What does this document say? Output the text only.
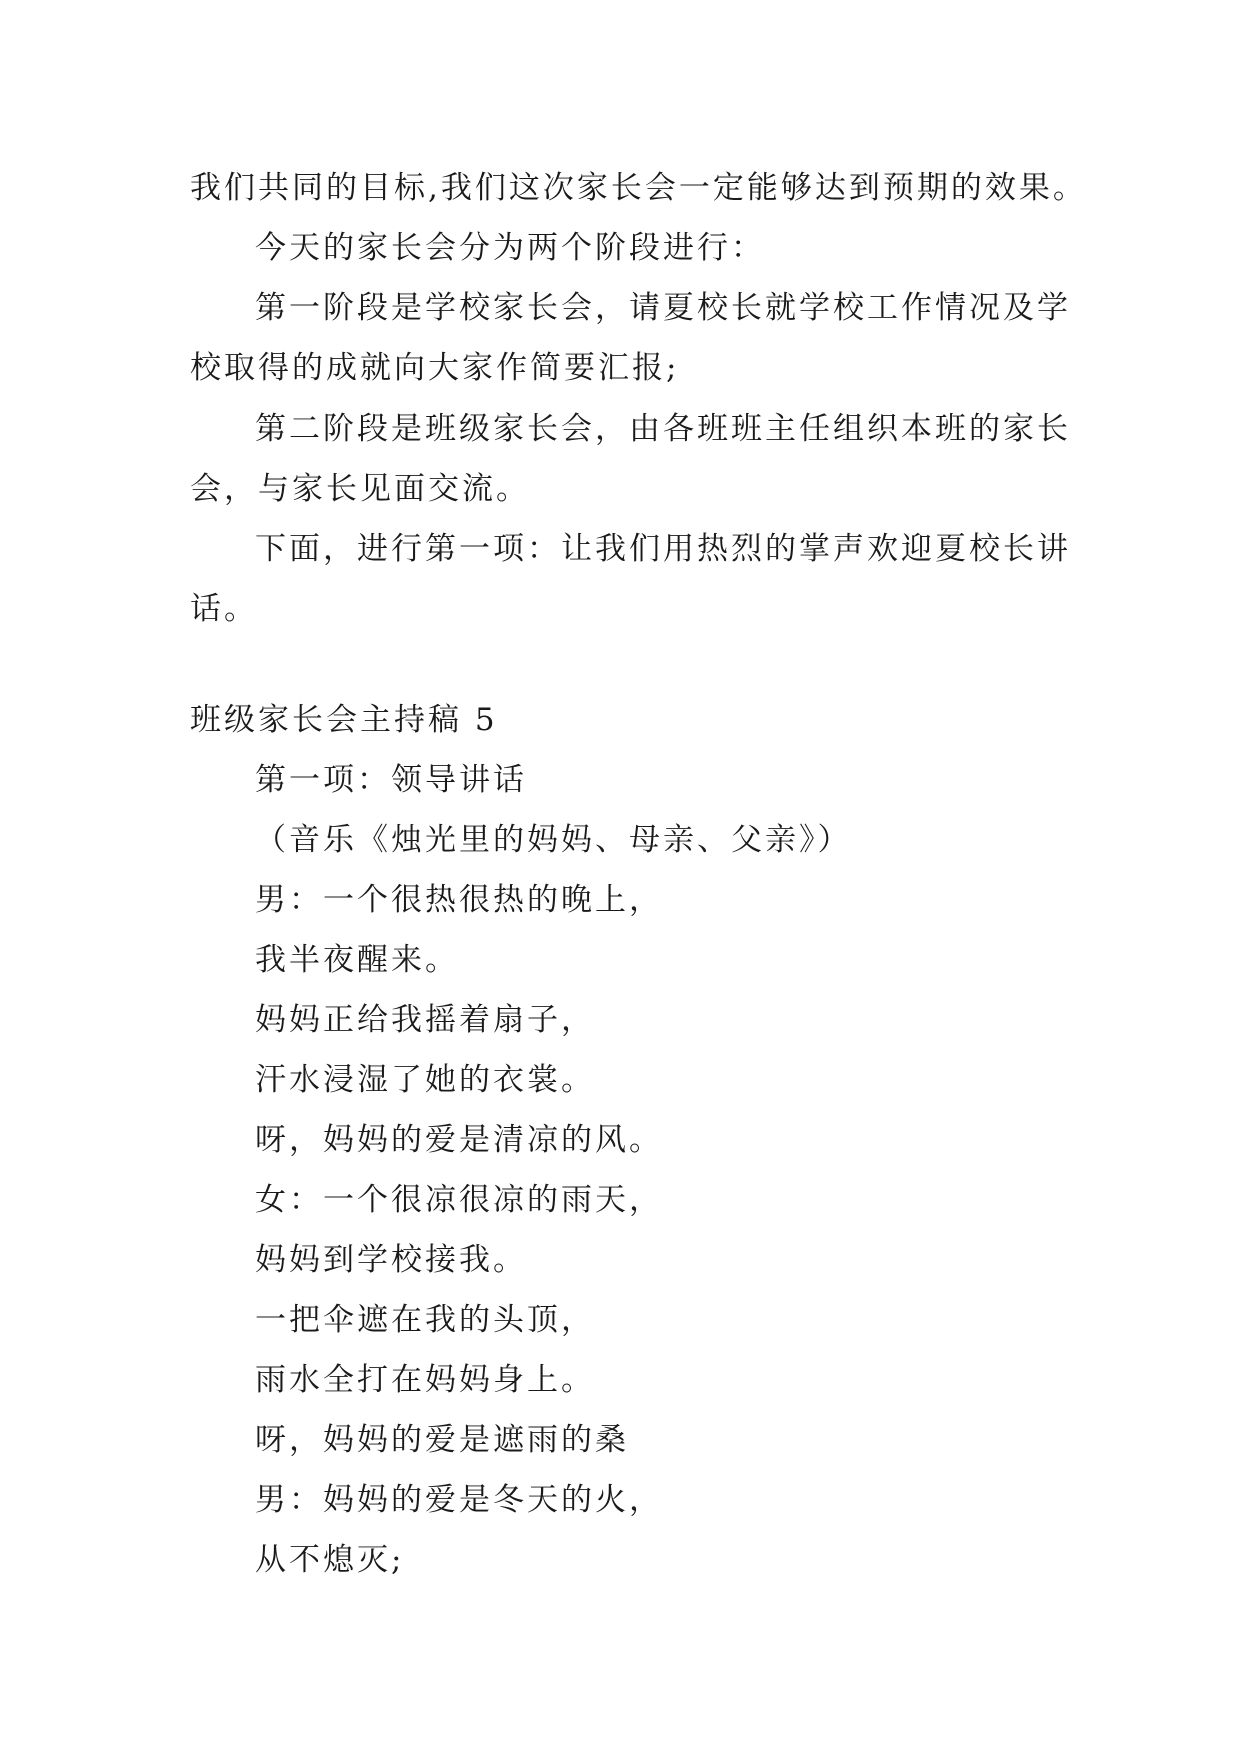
我们共同的目标,我们这次家长会一定能够达到预期的效果。
今天的家长会分为两个阶段进行：
第一阶段是学校家长会，请夏校长就学校工作情况及学
校取得的成就向大家作简要汇报;
第二阶段是班级家长会，由各班班主任组织本班的家长
会，与家长见面交流。
下面，进行第一项：让我们用热烈的掌声欢迎夏校长讲
话。
班级家长会主持稿 5
第一项：领导讲话
（音乐《烛光里的妈妈、母亲、父亲》）
男：一个很热很热的晚上，
我半夜醒来。
妈妈正给我摇着扇子，
汗水浸湿了她的衣裳。
呀，妈妈的爱是清凉的风。
女：一个很凉很凉的雨天，
妈妈到学校接我。
一把伞遮在我的头顶，
雨水全打在妈妈身上。
呀，妈妈的爱是遮雨的桑
男：妈妈的爱是冬天的火，
从不熄灭;
